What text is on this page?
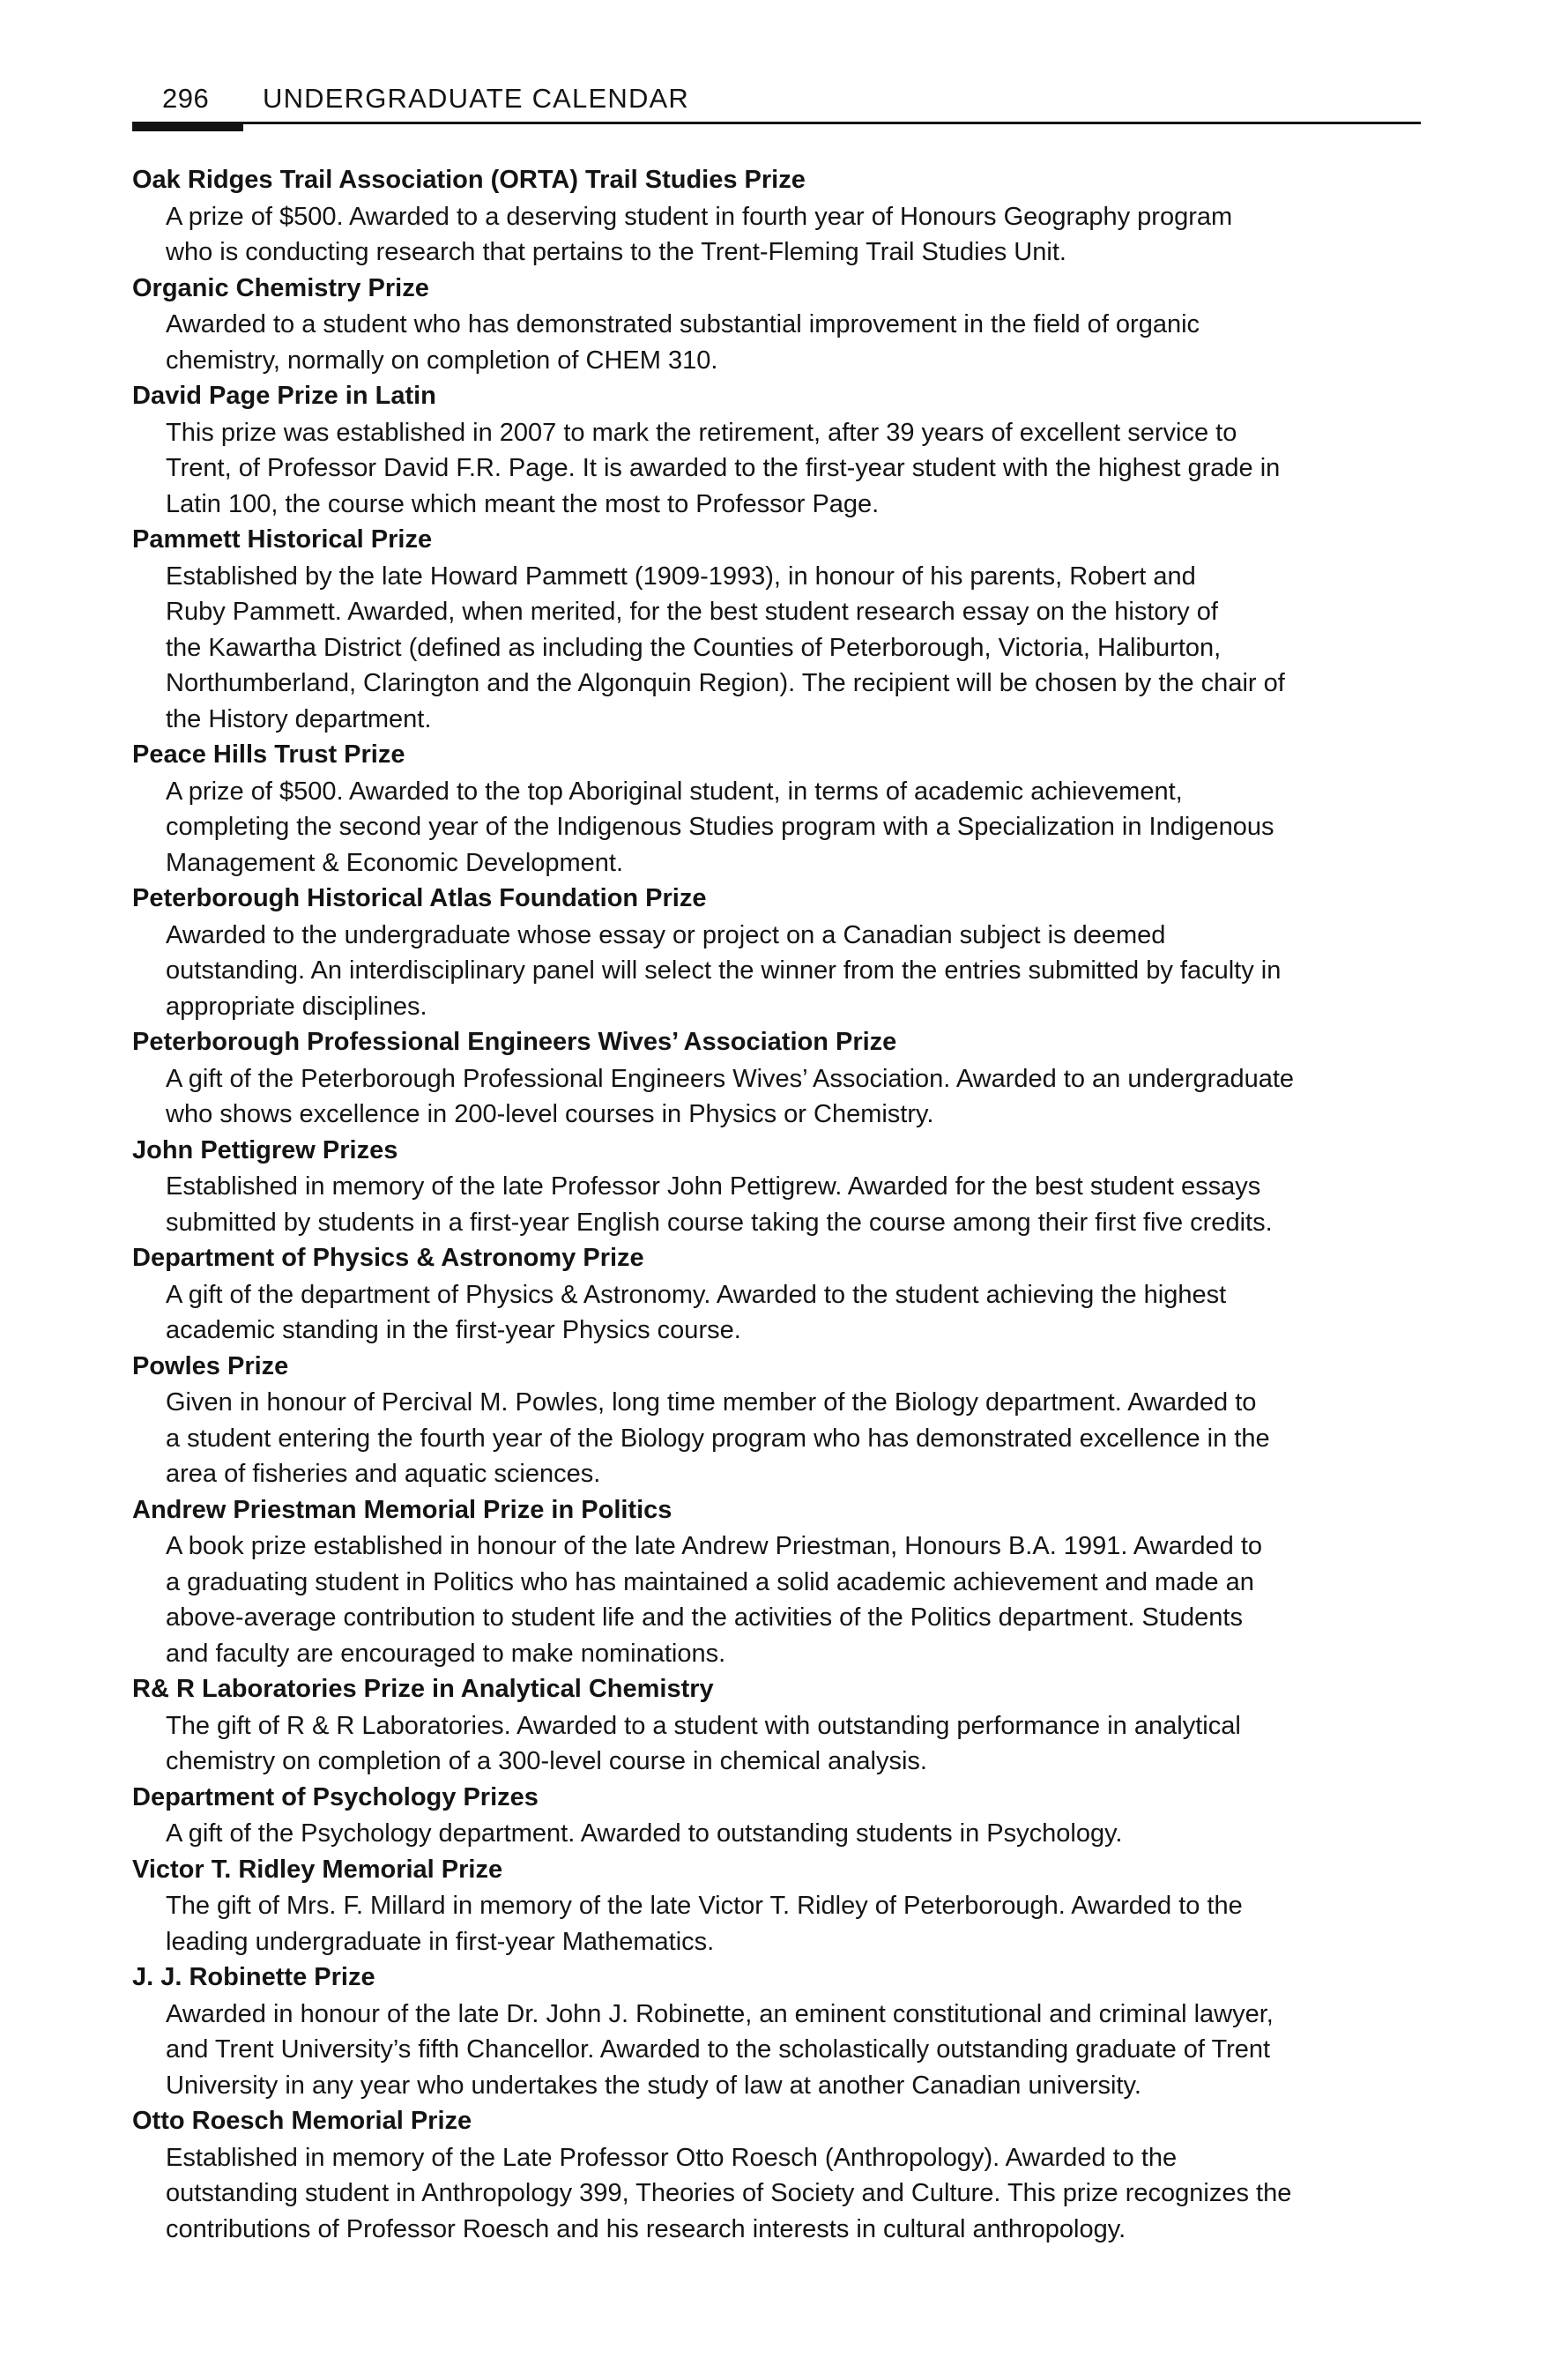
296 UNDERGRADUATE CALENDAR
Oak Ridges Trail Association (ORTA) Trail Studies Prize
A prize of $500. Awarded to a deserving student in fourth year of Honours Geography program
who is conducting research that pertains to the Trent-Fleming Trail Studies Unit.
Organic Chemistry Prize
Awarded to a student who has demonstrated substantial improvement in the field of organic
chemistry, normally on completion of CHEM 310.
David Page Prize in Latin
This prize was established in 2007 to mark the retirement, after 39 years of excellent service to
Trent, of Professor David F.R. Page. It is awarded to the first-year student with the highest grade in
Latin 100, the course which meant the most to Professor Page.
Pammett Historical Prize
Established by the late Howard Pammett (1909-1993), in honour of his parents, Robert and
Ruby Pammett. Awarded, when merited, for the best student research essay on the history of
the Kawartha District (defined as including the Counties of Peterborough, Victoria, Haliburton,
Northumberland, Clarington and the Algonquin Region). The recipient will be chosen by the chair of
the History department.
Peace Hills Trust Prize
A prize of $500. Awarded to the top Aboriginal student, in terms of academic achievement,
completing the second year of the Indigenous Studies program with a Specialization in Indigenous
Management & Economic Development.
Peterborough Historical Atlas Foundation Prize
Awarded to the undergraduate whose essay or project on a Canadian subject is deemed
outstanding. An interdisciplinary panel will select the winner from the entries submitted by faculty in
appropriate disciplines.
Peterborough Professional Engineers Wives’ Association Prize
A gift of the Peterborough Professional Engineers Wives’ Association. Awarded to an undergraduate
who shows excellence in 200-level courses in Physics or Chemistry.
John Pettigrew Prizes
Established in memory of the late Professor John Pettigrew. Awarded for the best student essays
submitted by students in a first-year English course taking the course among their first five credits.
Department of Physics & Astronomy Prize
A gift of the department of Physics & Astronomy. Awarded to the student achieving the highest
academic standing in the first-year Physics course.
Powles Prize
Given in honour of Percival M. Powles, long time member of the Biology department. Awarded to
a student entering the fourth year of the Biology program who has demonstrated excellence in the
area of fisheries and aquatic sciences.
Andrew Priestman Memorial Prize in Politics
A book prize established in honour of the late Andrew Priestman, Honours B.A. 1991. Awarded to
a graduating student in Politics who has maintained a solid academic achievement and made an
above-average contribution to student life and the activities of the Politics department. Students
and faculty are encouraged to make nominations.
R& R Laboratories Prize in Analytical Chemistry
The gift of R & R Laboratories. Awarded to a student with outstanding performance in analytical
chemistry on completion of a 300-level course in chemical analysis.
Department of Psychology Prizes
A gift of the Psychology department. Awarded to outstanding students in Psychology.
Victor T. Ridley Memorial Prize
The gift of Mrs. F. Millard in memory of the late Victor T. Ridley of Peterborough. Awarded to the
leading undergraduate in first-year Mathematics.
J. J. Robinette Prize
Awarded in honour of the late Dr. John J. Robinette, an eminent constitutional and criminal lawyer,
and Trent University’s fifth Chancellor. Awarded to the scholastically outstanding graduate of Trent
University in any year who undertakes the study of law at another Canadian university.
Otto Roesch Memorial Prize
Established in memory of the Late Professor Otto Roesch (Anthropology). Awarded to the
outstanding student in Anthropology 399, Theories of Society and Culture. This prize recognizes the
contributions of Professor Roesch and his research interests in cultural anthropology.
